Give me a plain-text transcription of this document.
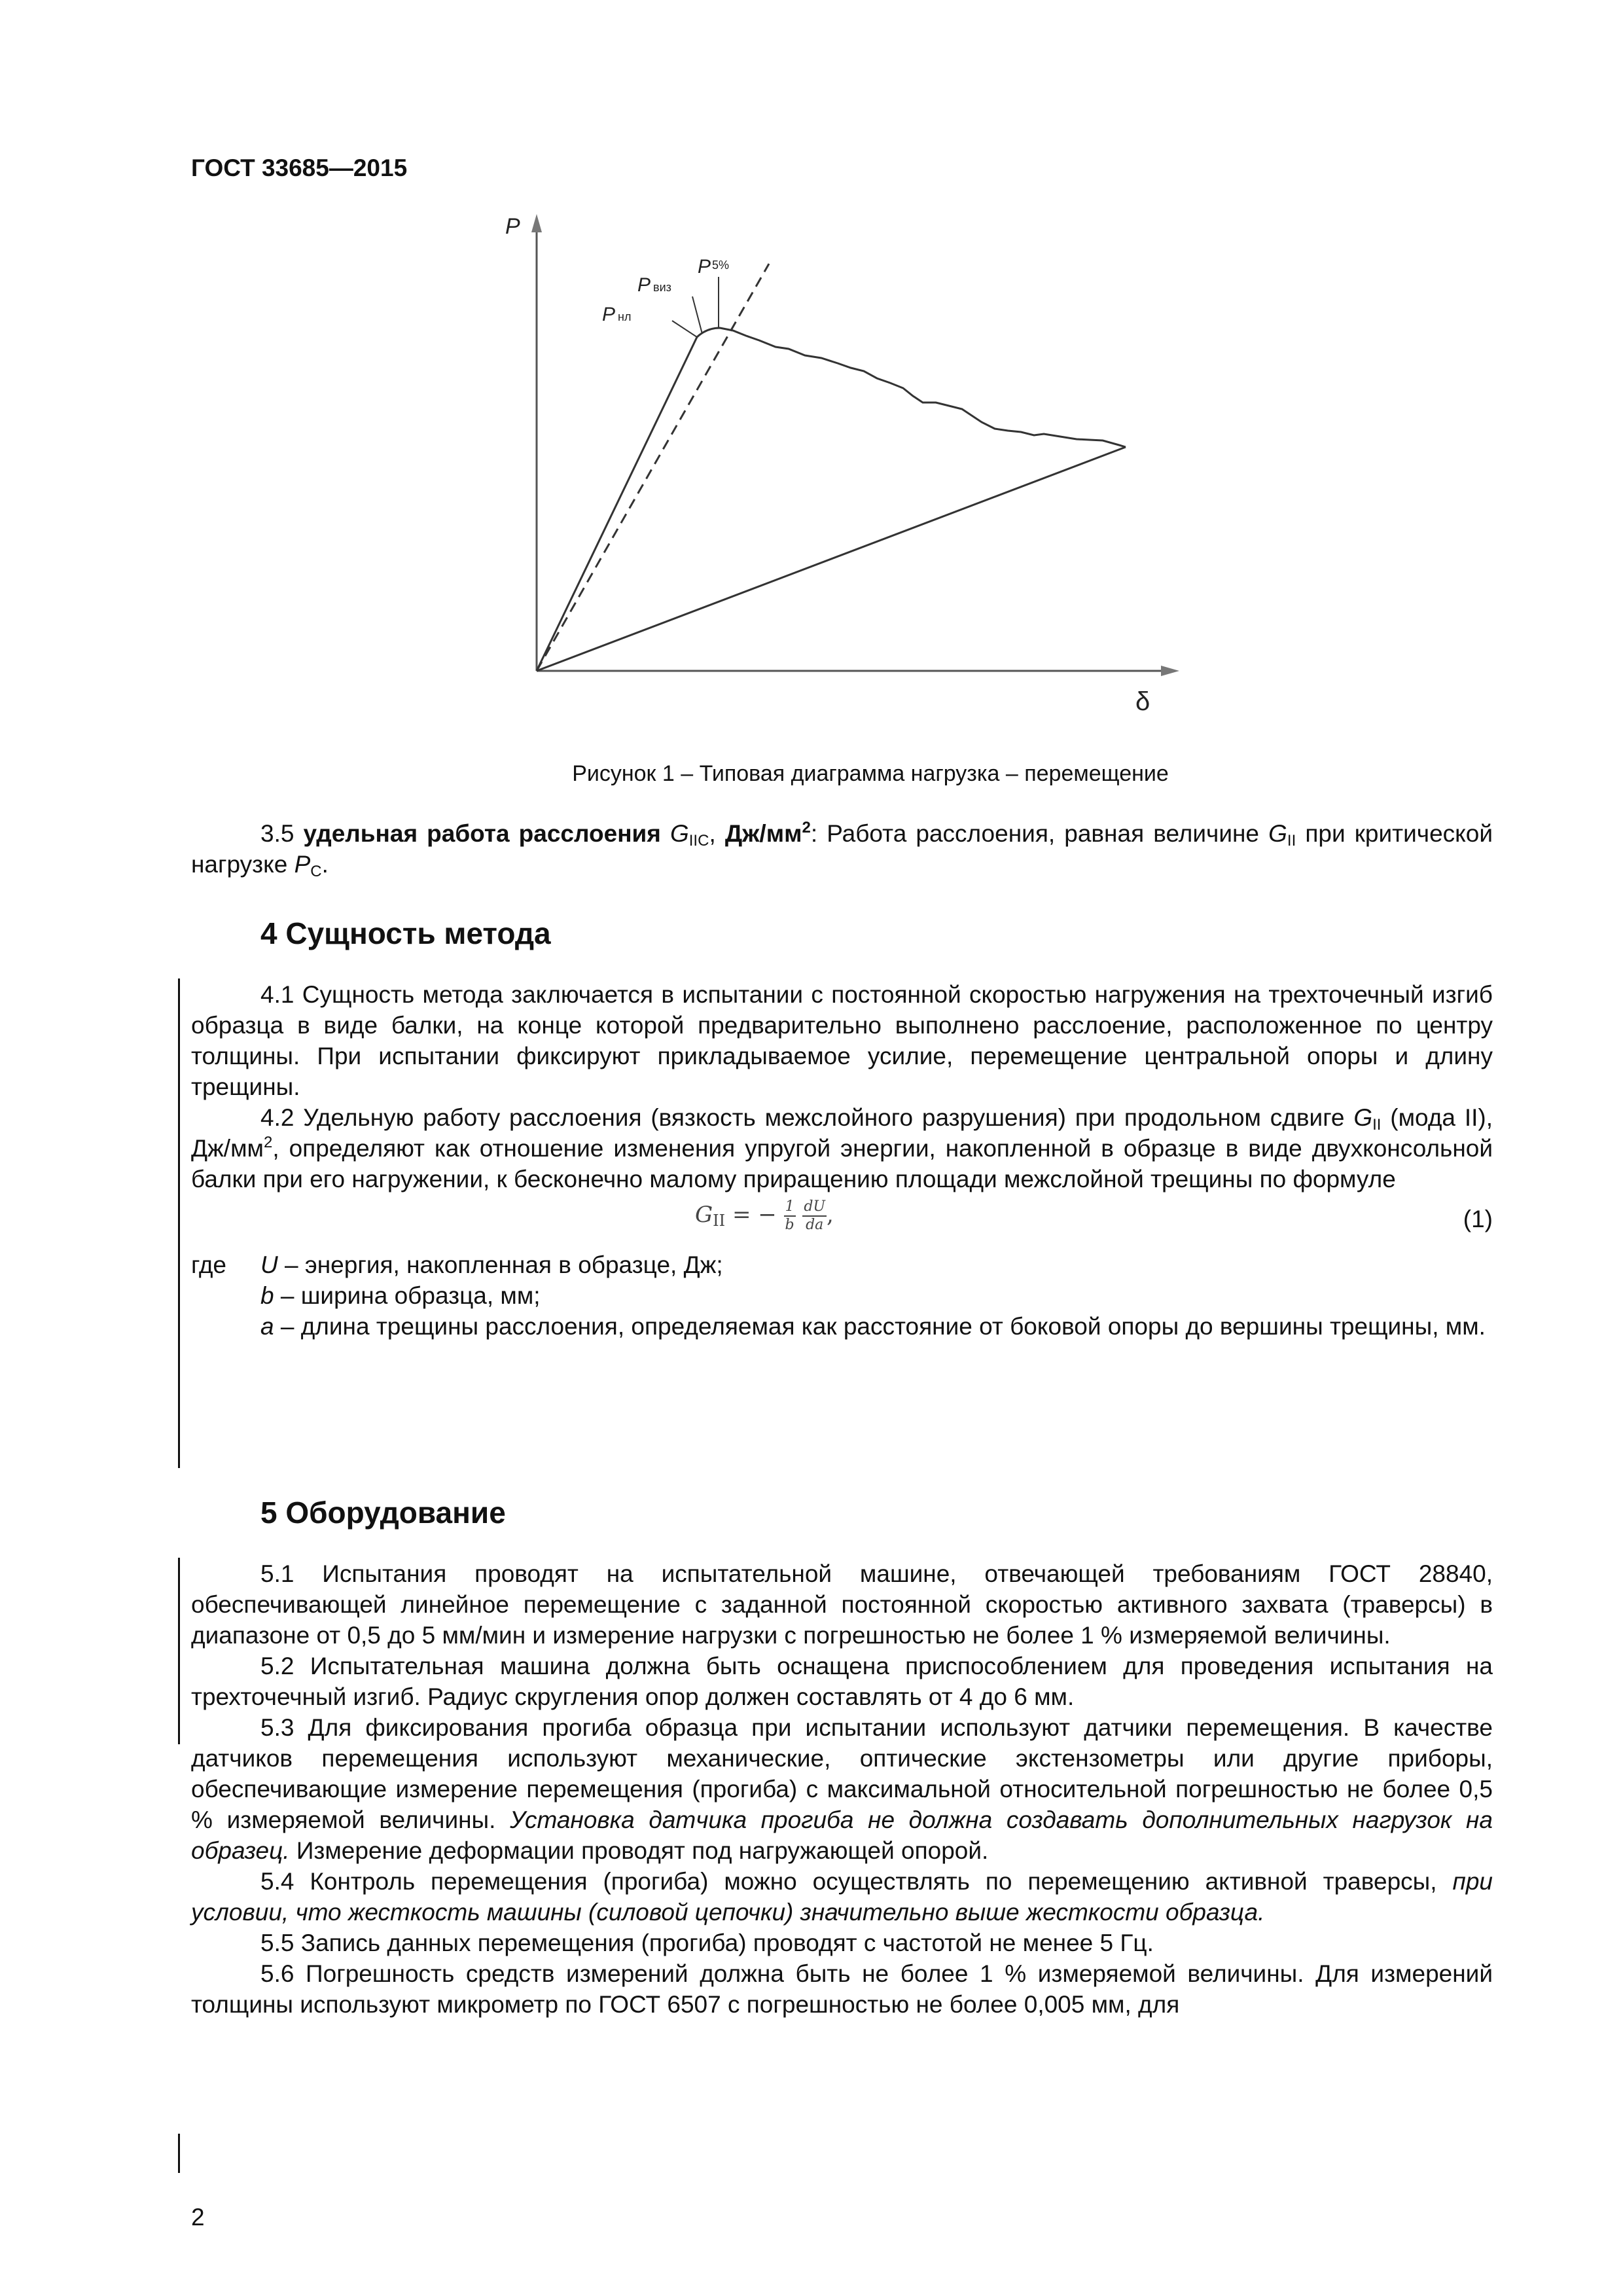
ГОСТ 33685—2015
P
δ
Pнл
Pвиз
P $^{5\%}$
Рисунок 1 – Типовая диаграмма нагрузка – перемещение

3.5 удельная работа расслоения $G_{IIC}$, $Дж/мм^2$: Работа расслоения, равная величине $G_{II}$ при критической нагрузке $P_C$.

4 Сущность метода

4.1 Сущность метода заключается в испытании с постоянной скоростью нагружения на трехточечный изгиб образца в виде балки, на конце которой предварительно выполнено расслоение, расположенное по центру толщины. При испытании фиксируют прикладываемое усилие, перемещение центральной опоры и длину трещины.

4.2 Удельную работу расслоения (вязкость межслойного разрушения) при продольном сдвиге $G_{II}$ (мода II), $Дж/мм^2$, определяют как отношение изменения упругой энергии, накопленной в образце в виде двухконсольной балки при его нагружении, к бесконечно малому приращению площади межслойной трещины по формуле

$G_{II}$ = − $\frac{1}{b}$
$\frac{dU}{da}$ ,	(1)
где	U – энергия, накопленная в образце, Дж;

b – ширина образца, мм;

a – длина трещины расслоения, определяемая как расстояние от боковой опоры до вершины трещины, мм.

5 Оборудование

5.1 Испытания проводят на испытательной машине, отвечающей требованиям ГОСТ 28840, обеспечивающей линейное перемещение с заданной постоянной скоростью активного захвата (траверсы) в диапазоне от 0,5 до 5 мм/мин и измерение нагрузки с погрешностью не более 1 % измеряемой величины.

5.2 Испытательная машина должна быть оснащена приспособлением для проведения испытания на трехточечный изгиб. Радиус скругления опор должен составлять от 4 до 6 мм.

5.3 Для фиксирования прогиба образца при испытании используют датчики перемещения. В качестве датчиков перемещения используют механические, оптические экстензометры или другие приборы, обеспечивающие измерение перемещения (прогиба) с максимальной относительной погрешностью не более 0,5 % измеряемой величины. Установка датчика прогиба не должна создавать дополнительных нагрузок на образец. Измерение деформации проводят под нагружающей опорой.

5.4 Контроль перемещения (прогиба) можно осуществлять по перемещению активной траверсы, при условии, что жесткость машины (силовой цепочки) значительно выше жесткости образца.

5.5 Запись данных перемещения (прогиба) проводят с частотой не менее 5 Гц.

5.6 Погрешность средств измерений должна быть не более 1 % измеряемой величины. Для измерений толщины используют микрометр по ГОСТ 6507 с погрешностью не более 0,005 мм, для

2
